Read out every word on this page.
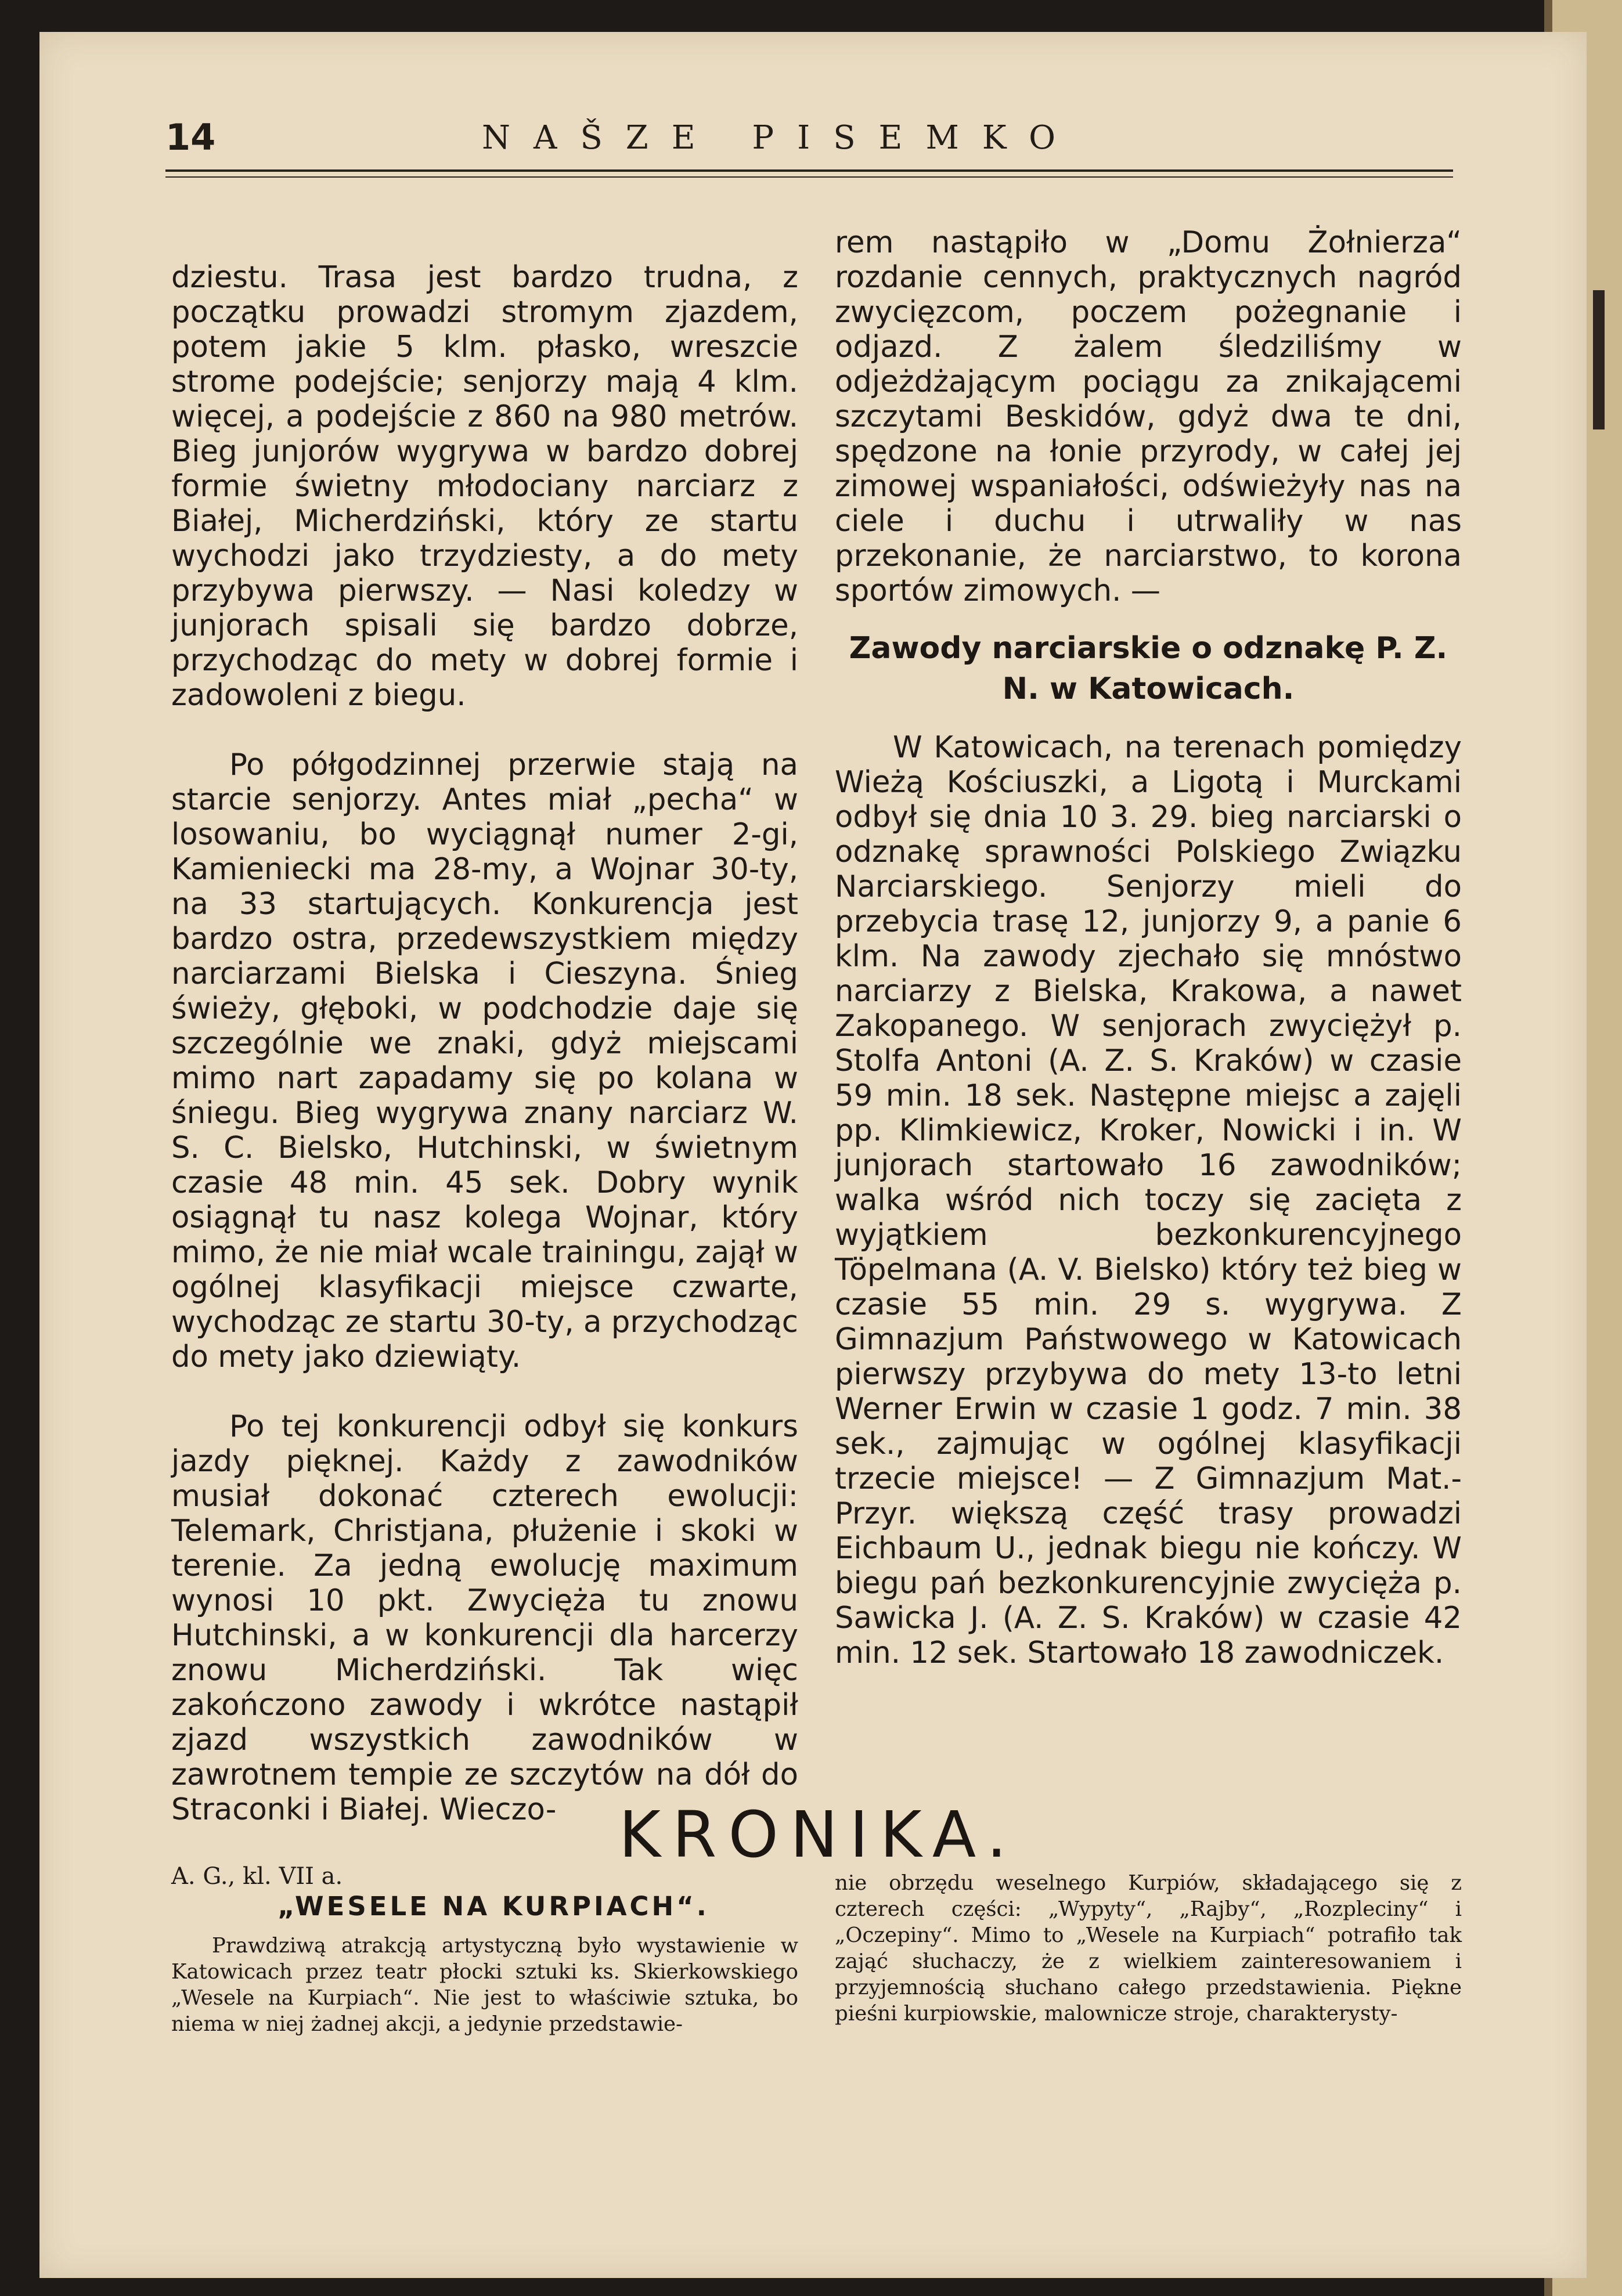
14	NAŠZE PISEMKO

dziestu. Trasa jest bardzo trudna, z początku prowadzi stromym zjazdem, potem jakie 5 klm. płasko, wreszcie strome podejście; senjorzy mają 4 klm. więcej, a podejście z 860 na 980 metrów. Bieg junjorów wygrywa w bardzo dobrej formie świetny młodociany narciarz z Białej, Micherdziński, który ze startu wychodzi jako trzydziesty, a do mety przybywa pierwszy. — Nasi koledzy w junjorach spisali się bardzo dobrze, przychodząc do mety w dobrej formie i zadowoleni z biegu.

Po półgodzinnej przerwie stają na starcie senjorzy. Antes miał „pecha“ w losowaniu, bo wyciągnął numer 2-gi, Kamieniecki ma 28-my, a Wojnar 30-ty, na 33 startujących. Konkurencja jest bardzo ostra, przedewszystkiem między narciarzami Bielska i Cieszyna. Śnieg świeży, głęboki, w podchodzie daje się szczególnie we znaki, gdyż miejscami mimo nart zapadamy się po kolana w śniegu. Bieg wygrywa znany narciarz W. S. C. Bielsko, Hutchinski, w świetnym czasie 48 min. 45 sek. Dobry wynik osiągnął tu nasz kolega Wojnar, który mimo, że nie miał wcale trainingu, zajął w ogólnej klasyfikacji miejsce czwarte, wychodząc ze startu 30-ty, a przychodząc do mety jako dziewiąty.

Po tej konkurencji odbył się konkurs jazdy pięknej. Każdy z zawodników musiał dokonać czterech ewolucji: Telemark, Christjana, płużenie i skoki w terenie. Za jedną ewolucję maximum wynosi 10 pkt. Zwycięża tu znowu Hutchinski, a w konkurencji dla harcerzy znowu Micherdziński. Tak więc zakończono zawody i wkrótce nastąpił zjazd wszystkich zawodników w zawrotnem tempie ze szczytów na dół do Straconki i Białej. Wieczo-

rem nastąpiło w „Domu Żołnierza“ rozdanie cennych, praktycznych nagród zwycięzcom, poczem pożegnanie i odjazd. Z żalem śledziliśmy w odjeżdżającym pociągu za znikającemi szczytami Beskidów, gdyż dwa te dni, spędzone na łonie przyrody, w całej jej zimowej wspaniałości, odświeżyły nas na ciele i duchu i utrwaliły w nas przekonanie, że narciarstwo, to korona sportów zimowych. —
Zawody narciarskie o odznakę P. Z. N. w Katowicach.
W Katowicach, na terenach pomiędzy Wieżą Kościuszki, a Ligotą i Murckami odbył się dnia 10 3. 29. bieg narciarski o odznakę sprawności Polskiego Związku Narciarskiego. Senjorzy mieli do przebycia trasę 12, junjorzy 9, a panie 6 klm. Na zawody zjechało się mnóstwo narciarzy z Bielska, Krakowa, a nawet Zakopanego. W senjorach zwyciężył p. Stolfa Antoni (A. Z. S. Kraków) w czasie 59 min. 18 sek. Następne miejsc a zajęli pp. Klimkiewicz, Kroker, Nowicki i in. W junjorach startowało 16 zawodników; walka wśród nich toczy się zacięta z wyjątkiem bezkonkurencyjnego Töpelmana (A. V. Bielsko) który też bieg w czasie 55 min. 29 s. wygrywa. Z Gimnazjum Państwowego w Katowicach pierwszy przybywa do mety 13-to letni Werner Erwin w czasie 1 godz. 7 min. 38 sek., zajmując w ogólnej klasyfikacji trzecie miejsce! — Z Gimnazjum Mat.-Przyr. większą część trasy prowadzi Eichbaum U., jednak biegu nie kończy. W biegu pań bezkonkurencyjnie zwycięża p. Sawicka J. (A. Z. S. Kraków) w czasie 42 min. 12 sek. Startowało 18 zawodniczek.
KRONIKA.
A. G., kl. VII a.
„WESELE NA KURPIACH“.
Prawdziwą atrakcją artystyczną było wystawienie w Katowicach przez teatr płocki sztuki ks. Skierkowskiego „Wesele na Kurpiach“. Nie jest to właściwie sztuka, bo niema w niej żadnej akcji, a jedynie przedstawie-
nie obrzędu weselnego Kurpiów, składającego się z czterech części: „Wypyty“, „Rajby“, „Rozpleciny“ i „Oczepiny“. Mimo to „Wesele na Kurpiach“ potrafiło tak zająć słuchaczy, że z wielkiem zainteresowaniem i przyjemnością słuchano całego przedstawienia. Piękne pieśni kurpiowskie, malownicze stroje, charakterysty-
